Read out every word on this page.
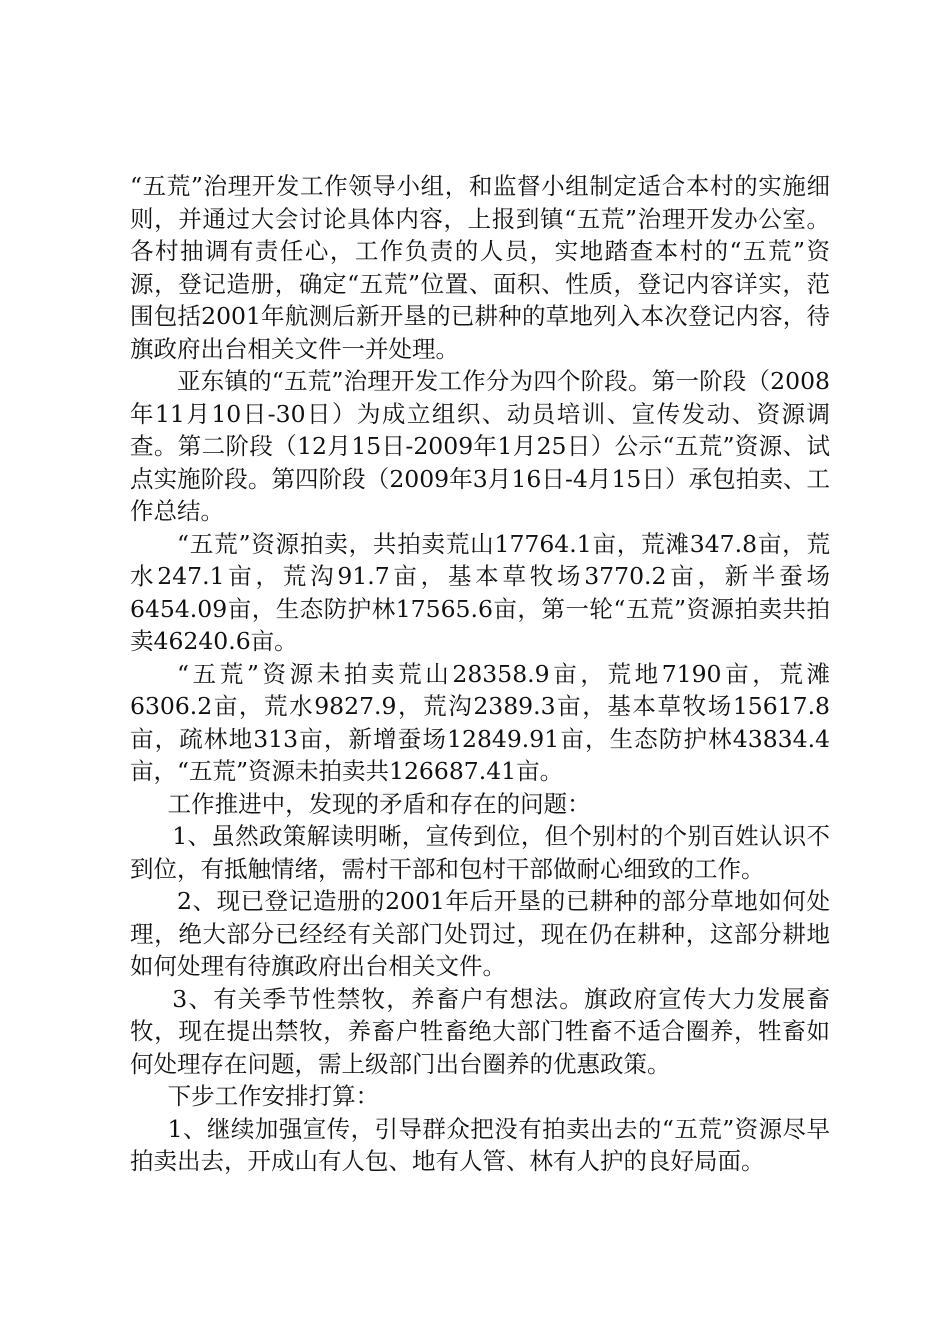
“五荒”治理开发工作领导小组，和监督小组制定适合本村的实施细则，并通过大会讨论具体内容，上报到镇“五荒”治理开发办公室。各村抽调有责任心，工作负责的人员，实地踏查本村的“五荒”资源，登记造册，确定“五荒”位置、面积、性质，登记内容详实，范围包括2001年航测后新开垦的已耕种的草地列入本次登记内容，待旗政府出台相关文件一并处理。

亚东镇的“五荒”治理开发工作分为四个阶段。第一阶段（2008年11月10日-30日）为成立组织、动员培训、宣传发动、资源调查。第二阶段（12月15日-2009年1月25日）公示“五荒”资源、试点实施阶段。第四阶段（2009年3月16日-4月15日）承包拍卖、工作总结。

“五荒”资源拍卖，共拍卖荒山17764.1亩，荒滩347.8亩，荒水247.1亩，荒沟91.7亩，基本草牧场3770.2亩，新半蚕场6454.09亩，生态防护林17565.6亩，第一轮“五荒”资源拍卖共拍卖46240.6亩。

“五荒”资源未拍卖荒山28358.9亩，荒地7190亩，荒滩6306.2亩，荒水9827.9，荒沟2389.3亩，基本草牧场15617.8亩，疏林地313亩，新增蚕场12849.91亩，生态防护林43834.4亩，“五荒”资源未拍卖共126687.41亩。

工作推进中，发现的矛盾和存在的问题：

1、虽然政策解读明晰，宣传到位，但个别村的个别百姓认识不到位，有抵触情绪，需村干部和包村干部做耐心细致的工作。

2、现已登记造册的2001年后开垦的已耕种的部分草地如何处理，绝大部分已经经有关部门处罚过，现在仍在耕种，这部分耕地如何处理有待旗政府出台相关文件。

3、有关季节性禁牧，养畜户有想法。旗政府宣传大力发展畜牧，现在提出禁牧，养畜户牲畜绝大部门牲畜不适合圈养，牲畜如何处理存在问题，需上级部门出台圈养的优惠政策。

下步工作安排打算：

1、继续加强宣传，引导群众把没有拍卖出去的“五荒”资源尽早拍卖出去，开成山有人包、地有人管、林有人护的良好局面。
